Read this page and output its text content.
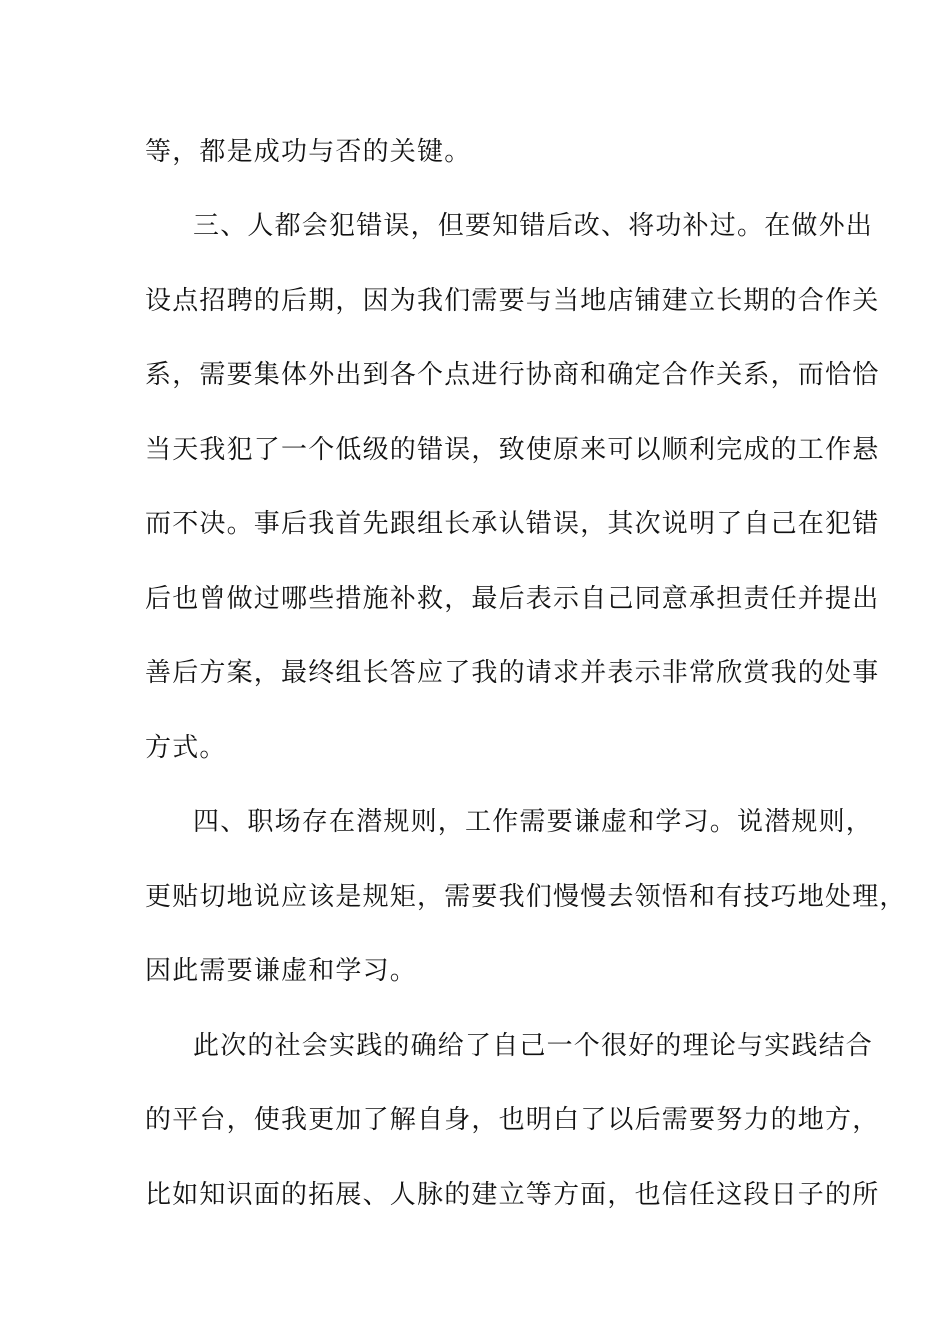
等，都是成功与否的关键。
三、人都会犯错误，但要知错后改、将功补过。在做外出
设点招聘的后期，因为我们需要与当地店铺建立长期的合作关
系，需要集体外出到各个点进行协商和确定合作关系，而恰恰
当天我犯了一个低级的错误，致使原来可以顺利完成的工作悬
而不决。事后我首先跟组长承认错误，其次说明了自己在犯错
后也曾做过哪些措施补救，最后表示自己同意承担责任并提出
善后方案，最终组长答应了我的请求并表示非常欣赏我的处事
方式。
四、职场存在潜规则，工作需要谦虚和学习。说潜规则，
更贴切地说应该是规矩，需要我们慢慢去领悟和有技巧地处理，
因此需要谦虚和学习。
此次的社会实践的确给了自己一个很好的理论与实践结合
的平台，使我更加了解自身，也明白了以后需要努力的地方，
比如知识面的拓展、人脉的建立等方面，也信任这段日子的所
